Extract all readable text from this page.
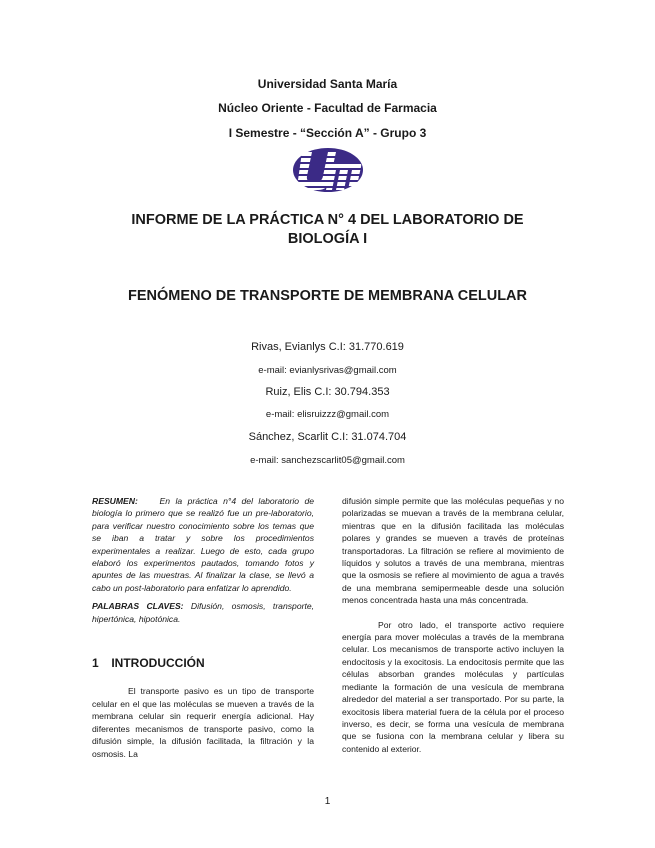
Universidad Santa María
Núcleo Oriente - Facultad de Farmacia
I Semestre - “Sección A” - Grupo 3
INFORME DE LA PRÁCTICA N° 4 DEL LABORATORIO DE BIOLOGÍA I
FENÓMENO DE TRANSPORTE DE MEMBRANA CELULAR
Rivas, Evianlys C.I: 31.770.619
e-mail: evianlysrivas@gmail.com
Ruiz, Elis C.I: 30.794.353
e-mail: elisruizzz@gmail.com
Sánchez, Scarlit C.I: 31.074.704
e-mail: sanchezscarlit05@gmail.com

RESUMEN:	En la práctica n°4 del laboratorio de biología lo primero que se realizó fue un pre-laboratorio, para verificar nuestro conocimiento sobre los temas que se iban a tratar y sobre los procedimientos experimentales a realizar. Luego de esto, cada grupo elaboró los experimentos pautados, tomando fotos y apuntes de las muestras. Al finalizar la clase, se llevó a cabo un post-laboratorio para enfatizar lo aprendido.

PALABRAS CLAVES: Difusión, osmosis, transporte, hipertónica, hipotónica.

1 INTRODUCCIÓN

El transporte pasivo es un tipo de transporte celular en el que las moléculas se mueven a través de la membrana celular sin requerir energía adicional. Hay diferentes mecanismos de transporte pasivo, como la difusión simple, la difusión facilitada, la filtración y la osmosis. La

difusión simple permite que las moléculas pequeñas y no polarizadas se muevan a través de la membrana celular, mientras que en la difusión facilitada las moléculas polares y grandes se mueven a través de proteínas transportadoras. La filtración se refiere al movimiento de líquidos y solutos a través de una membrana, mientras que la osmosis se refiere al movimiento de agua a través de una membrana semipermeable desde una solución menos concentrada hasta una más concentrada.

Por otro lado, el transporte activo requiere energía para mover moléculas a través de la membrana celular. Los mecanismos de transporte activo incluyen la endocitosis y la exocitosis. La endocitosis permite que las células absorban grandes moléculas y partículas mediante la formación de una vesícula de membrana alrededor del material a ser transportado. Por su parte, la exocitosis libera material fuera de la célula por el proceso inverso, es decir, se forma una vesícula de membrana que se fusiona con la membrana celular y libera su contenido al exterior.

1
